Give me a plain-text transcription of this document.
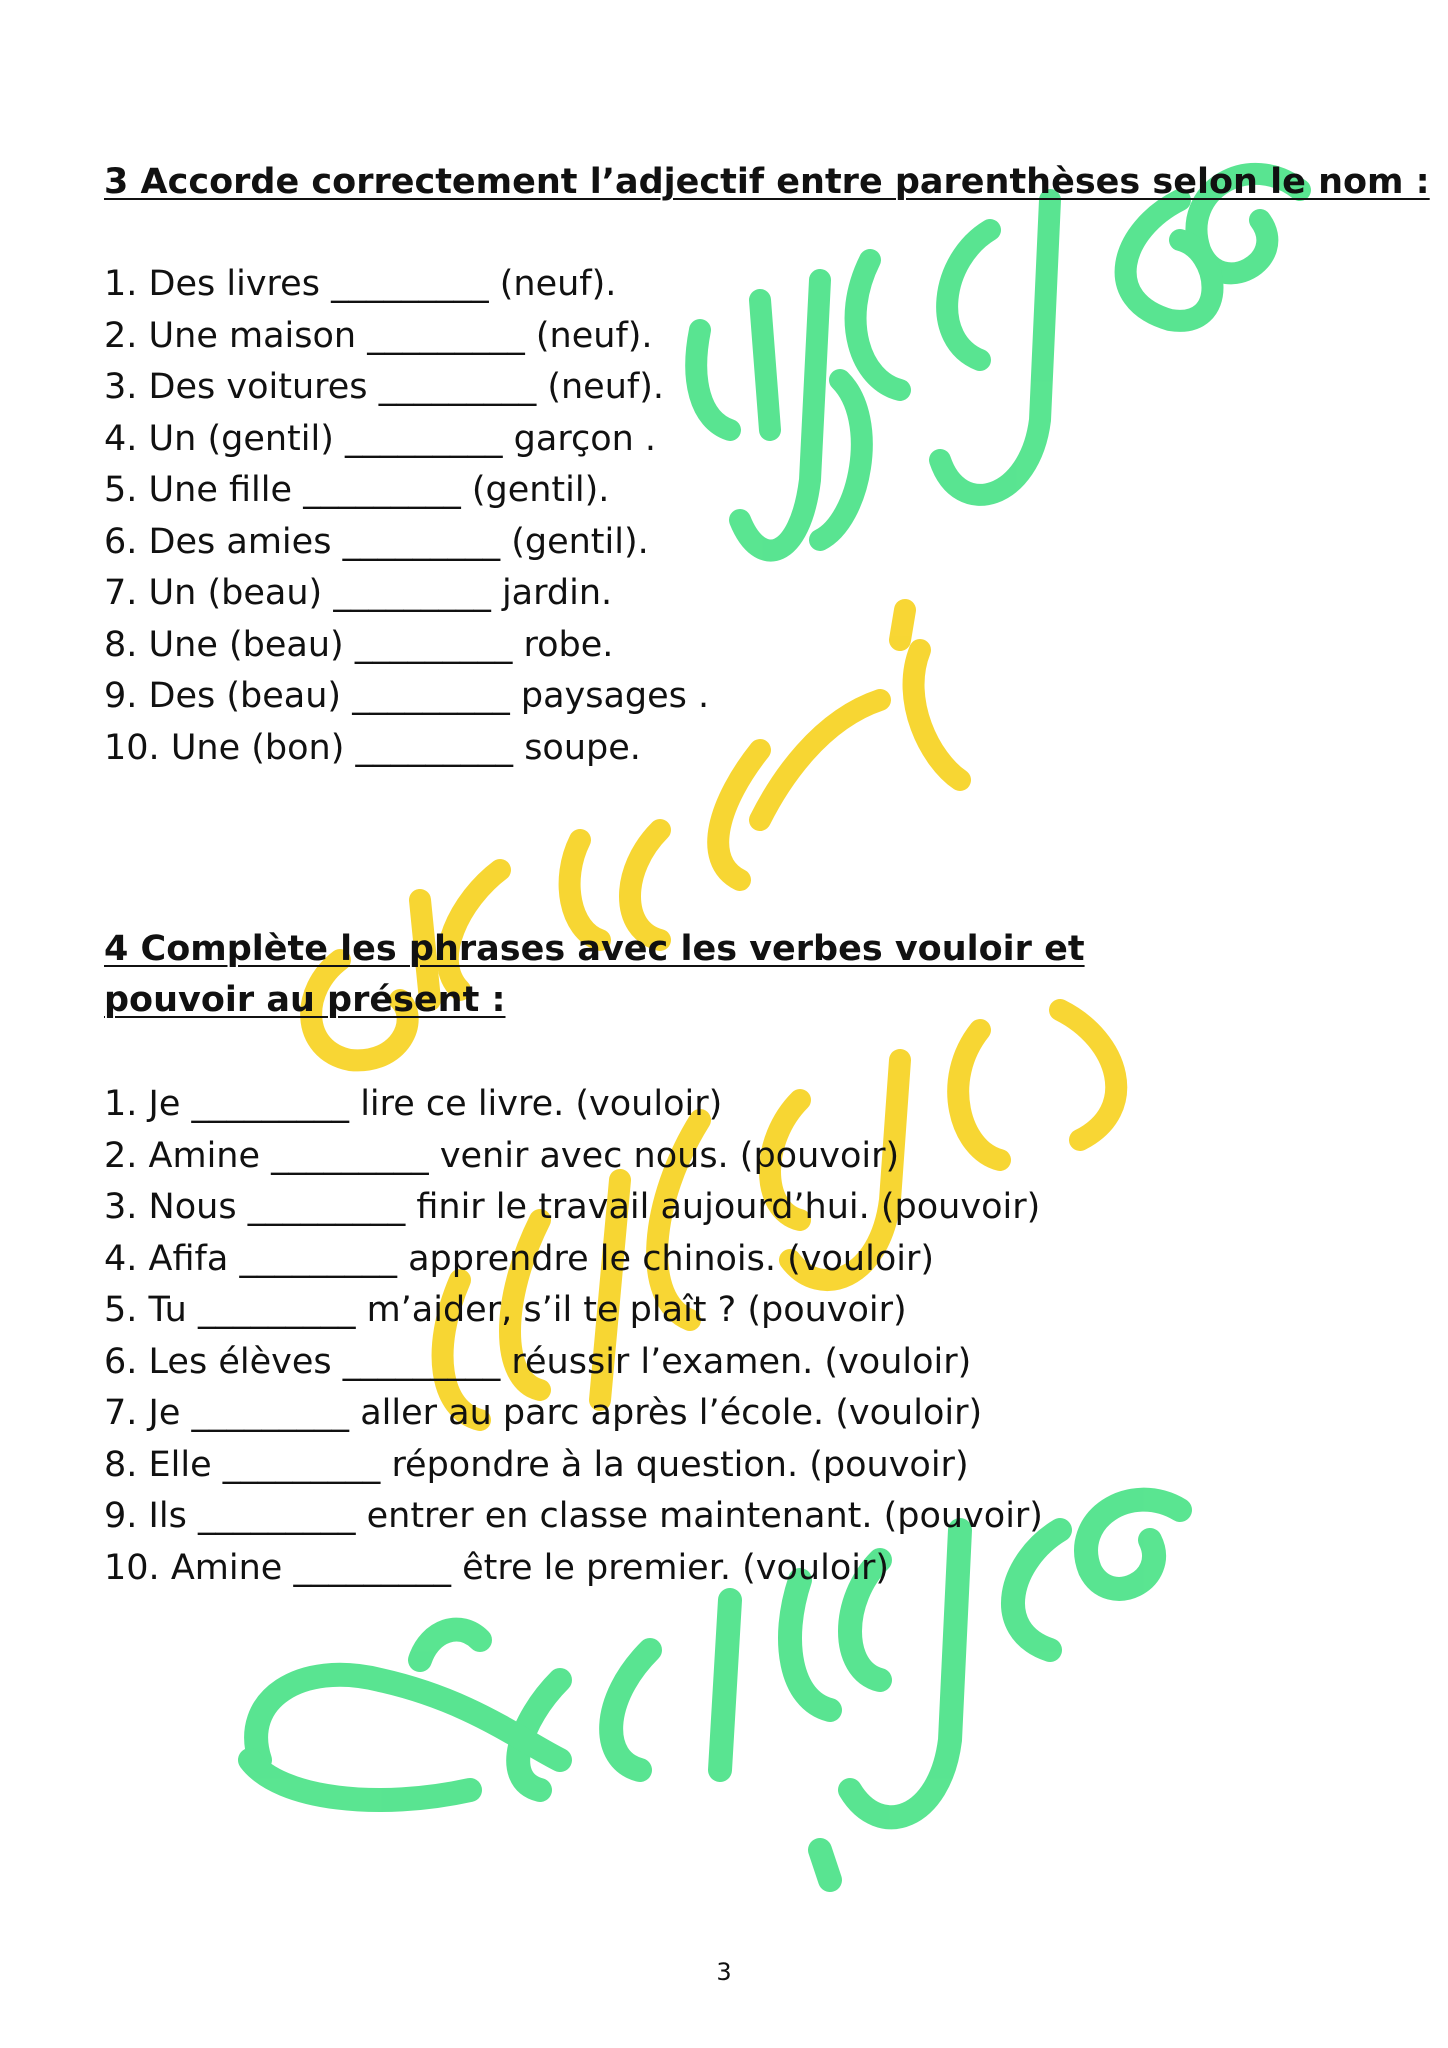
معلم اللغات
3 Accorde correctement l’adjectif entre parenthèses selon le nom :
1. Des livres _________ (neuf).
2. Une maison _________ (neuf).
3. Des voitures _________ (neuf).
4. Un (gentil) _________ garçon .
5. Une fille _________ (gentil).
6. Des amies _________ (gentil).
7. Un (beau) _________ jardin.
8. Une (beau) _________ robe.
9. Des (beau) _________ paysages .
10. Une (bon) _________ soupe.
4 Complète les phrases avec les verbes vouloir et pouvoir au présent :
1. Je _________ lire ce livre. (vouloir)
2. Amine _________ venir avec nous. (pouvoir)
3. Nous _________ finir le travail aujourd’hui. (pouvoir)
4. Afifa _________ apprendre le chinois. (vouloir)
5. Tu _________ m’aider, s’il te plaît ? (pouvoir)
6. Les élèves _________ réussir l’examen. (vouloir)
7. Je _________ aller au parc après l’école. (vouloir)
8. Elle _________ répondre à la question. (pouvoir)
9. Ils _________ entrer en classe maintenant. (pouvoir)
10. Amine _________ être le premier. (vouloir)
3
